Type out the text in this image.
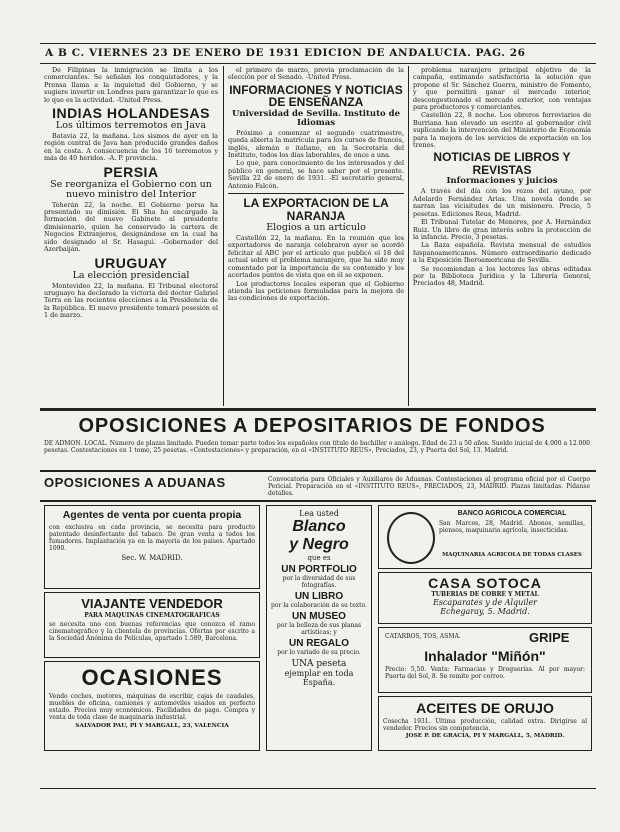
A B C. VIERNES 23 DE ENERO DE 1931 EDICION DE ANDALUCIA. PAG. 26

De Filipinas la inmigración se limita a los comerciantes. Se señalan los conquistadores, y la Prensa llama a la inquietud del Gobierno, y se sugiere invertir en Londres para garantizar lo que es lo que es la actividad. -United Press.

INDIAS HOLANDESAS
Los últimos terremotos en Java

Batavia 22, la mañana. Los sismos de ayer en la región central de Java han producido grandes daños en la costa. A consecuencia de los 16 terremotos y más de 40 heridos. -A. P. provincia.

PERSIA
Se reorganiza el Gobierno con un nuevo ministro del Interior

Teherán 22, la noche. El Gobierno persa ha presentado su dimisión. El Sha ha encargado la formación del nuevo Gabinete al presidente dimisionario, quien ha conservado la cartera de Negocios Extranjeros, designándose en la cual ha sido designado el Sr. Hasagui. -Gobernador del Azerbaiján.

URUGUAY
La elección presidencial

Montevideo 22, la mañana. El Tribunal electoral uruguayo ha declarado la victoria del doctor Gabriel Terra en las recientes elecciones a la Presidencia de la República. El nuevo presidente tomará posesión el 1 de marzo.

el primero de marzo, previa proclamación de la elección por el Senado. -United Press.

INFORMACIONES Y NOTICIAS DE ENSEÑANZA
Universidad de Sevilla. Instituto de Idiomas

Próximo a comenzar el segundo cuatrimestre, queda abierta la matrícula para los cursos de francés, inglés, alemán e italiano, en la Secretaría del Instituto, todos los días laborables, de once a una.

Lo que, para conocimiento de los interesados y del público en general, se hace saber por el presente. Sevilla 22 de enero de 1931. -El secretario general, Antonio Falcón.

LA EXPORTACION DE LA NARANJA
Elogios a un artículo

Castellón 22, la mañana. En la reunión que los exportadores de naranja celebraron ayer se acordó felicitar al ABC por el artículo que publicó el 18 del actual sobre el problema naranjero, que ha sido muy comentado por la importancia de su contenido y los acertados puntos de vista que en él se exponen.

Los productores locales esperan que el Gobierno atienda las peticiones formuladas para la mejora de las condiciones de exportación.

problema naranjero principal objetivo de la campaña, estimando satisfactoria la solución que propone el Sr. Sánchez Guerra, ministro de Fomento, y que permitirá ganar el mercado interior, descongestionado el mercado exterior, con ventajas para productores y comerciantes.

Castellón 22, 8 noche. Los obreros ferroviarios de Burriana han elevado un escrito al gobernador civil suplicando la intervención del Ministerio de Economía para la mejora de los servicios de exportación en los trenes.

NOTICIAS DE LIBROS Y REVISTAS
Informaciones y juicios

A través del día con los rezos del ayuno, por Adelardo Fernández Arias. Una novela donde se narran las vicisitudes de un misionero. Precio, 5 pesetas. Ediciones Reus, Madrid.

El Tribunal Tutelar de Menores, por A. Hernández Ruiz. Un libro de gran interés sobre la protección de la infancia. Precio, 3 pesetas.

La Raza española. Revista mensual de estudios hispanoamericanos. Número extraordinario dedicado a la Exposición Iberoamericana de Sevilla.

Se recomiendan a los lectores las obras editadas por la Biblioteca Jurídica y la Librería General, Preciados 48, Madrid.

OPOSICIONES A DEPOSITARIOS DE FONDOS
DE ADMON. LOCAL. Número de plazas limitado. Pueden tomar parte todos los españoles con título de bachiller o análogo. Edad de 23 a 50 años. Sueldo inicial de 4.000 a 12.000 pesetas. Contestaciones en 1 tomo, 25 pesetas. «Contestaciones» y preparación, en el «INSTITUTO REUS», Preciados, 23, y Puerta del Sol, 13. Madrid.
OPOSICIONES A ADUANAS	Convocatoria para Oficiales y Auxiliares de Aduanas. Contestaciones al programa oficial por el Cuerpo Pericial. Preparación en el «INSTITUTO REUS», PRECIADOS, 23, MADRID. Plazas limitadas. Pídanse detalles.
Agentes de venta por cuenta propia
con exclusiva en cada provincia, se necesita para producto patentado desinfectante del tabaco. De gran venta a todos los fumadores. Implantación ya en la mayoría de los países. Apartado 1090.
Sec. W. MADRID.
VIAJANTE VENDEDOR
PARA MAQUINAS CINEMATOGRAFICAS
se necesita uno con buenas referencias que conozca el ramo cinematográfico y la clientela de provincias. Ofertas por escrito a la Sociedad Anónima de Películas, apartado 1.589, Barcelona.
OCASIONES
Vendo coches, motores, máquinas de escribir, cajas de caudales, muebles de oficina, camiones y automóviles usados en perfecto estado. Precios muy económicos. Facilidades de pago. Compra y venta de toda clase de maquinaria industrial.
SALVADOR PAU, PI Y MARGALL, 23, VALENCIA
Lea usted
Blanco
y Negro
que es
UN PORTFOLIO
por la diversidad de sus fotografías.
UN LIBRO
por la colaboración de su texto.
UN MUSEO
por la belleza de sus planas artísticas; y
UN REGALO
por lo variado de su precio.
UNA peseta
ejemplar en toda
España.
BANCO AGRICOLA COMERCIAL
San Marcos, 28, Madrid. Abonos, semillas, piensos, maquinaria agrícola, insecticidas.
MAQUINARIA AGRICOLA DE TODAS CLASES
CASA SOTOCA
TUBERIAS DE COBRE Y METAL
Escaparates y de Alquiler
Echegaray, 5. Madrid.
GRIPE
CATARROS, TOS, ASMA.
Inhalador "Miñón"
Precio: 5,50. Venta: Farmacias y Droguerías. Al por mayor: Puerta del Sol, 8. Se remite por correo.
ACEITES DE ORUJO
Cosecha 1931. Ultima producción, calidad extra. Dirigirse al vendedor. Precios sin competencia.
JOSE P. DE GRACIA, PI Y MARGALL, 5, MADRID.
